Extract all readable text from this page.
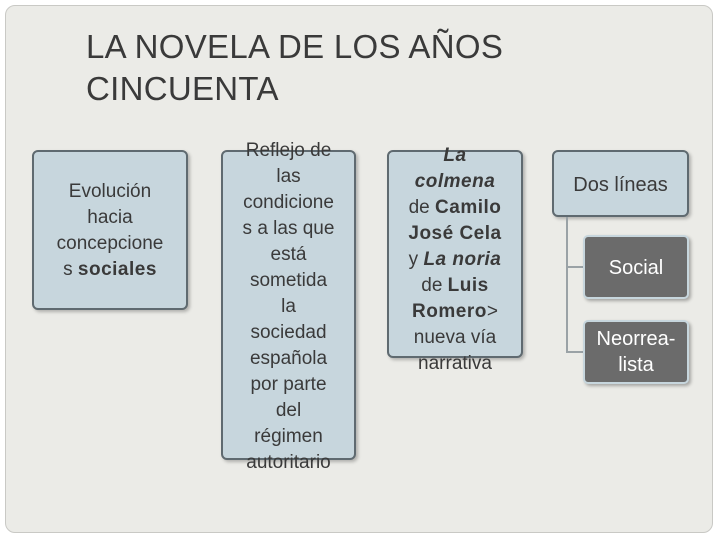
LA NOVELA DE LOS AÑOS
CINCUENTA
Evolución
hacia
concepcione
s sociales
Reflejo de
las
condicione
s a las que
está
sometida
la
sociedad
española
por parte
del
régimen
autoritario
La
colmena
de Camilo
José Cela
y La noria
de Luis
Romero>
nueva vía
narrativa
Dos líneas
Social
Neorrea-
lista
